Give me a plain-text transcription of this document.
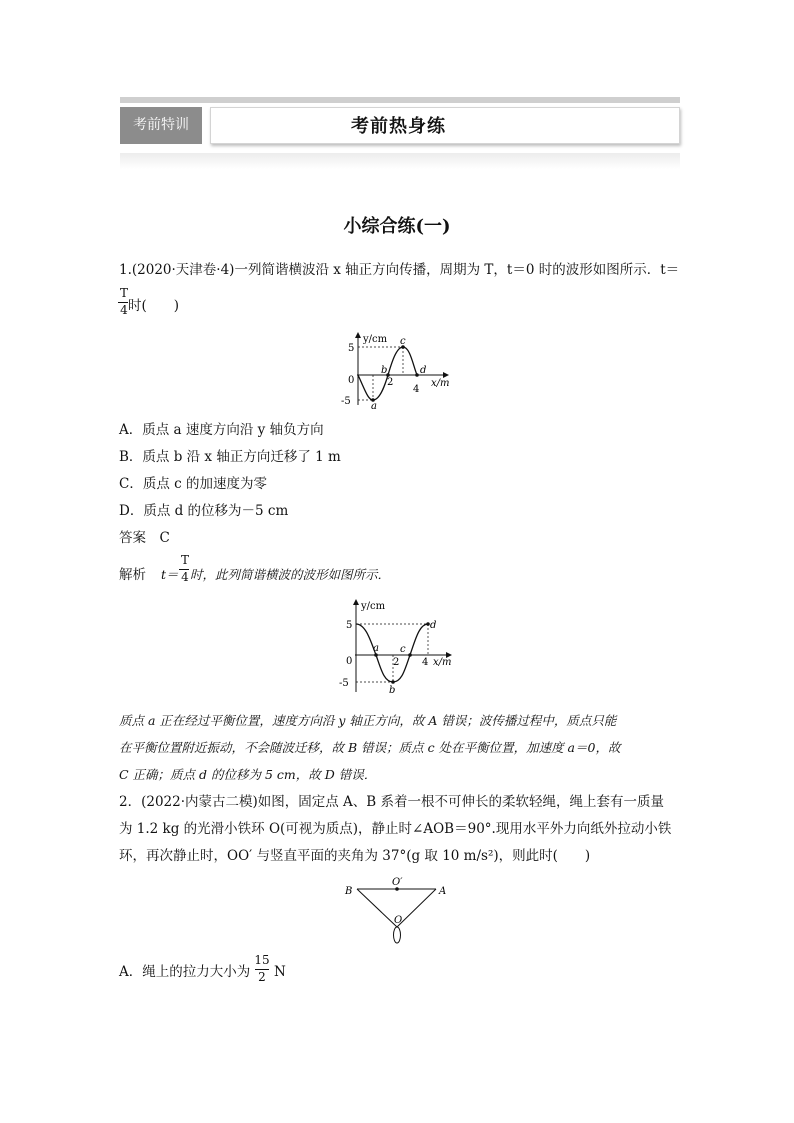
考前特训	考前热身练
小综合练(一)
1.(2020·天津卷·4)一列简谐横波沿 x 轴正方向传播，周期为 T，t＝0 时的波形如图所示．t＝
T
4 时(　　)
y/cm
x/m
5
-5
0	2
4
a
b
c
d
A．质点 a 速度方向沿 y 轴负方向
B．质点 b 沿 x 轴正方向迁移了 1 m
C．质点 c 的加速度为零
D．质点 d 的位移为－5 cm
答案　C
解析 t＝
T
4 时，此列简谐横波的波形如图所示．
y/cm
x/m
5
-5
0	2 4
a
b
c
d
质点 a 正在经过平衡位置，速度方向沿 y 轴正方向，故 A 错误；波传播过程中，质点只能
在平衡位置附近振动，不会随波迁移，故 B 错误；质点 c 处在平衡位置，加速度 a＝0，故
C 正确；质点 d 的位移为 5 cm，故 D 错误．
2．(2022·内蒙古二模)如图，固定点 A、B 系着一根不可伸长的柔软轻绳，绳上套有一质量
为 1.2 kg 的光滑小铁环 O(可视为质点)，静止时∠AOB＝90°.现用水平外力向纸外拉动小铁
环，再次静止时，OO′ 与竖直平面的夹角为 37°(g 取 10 m/s²)，则此时(　　)
B	A
O′
O
A．绳上的拉力大小为
15
2 N
